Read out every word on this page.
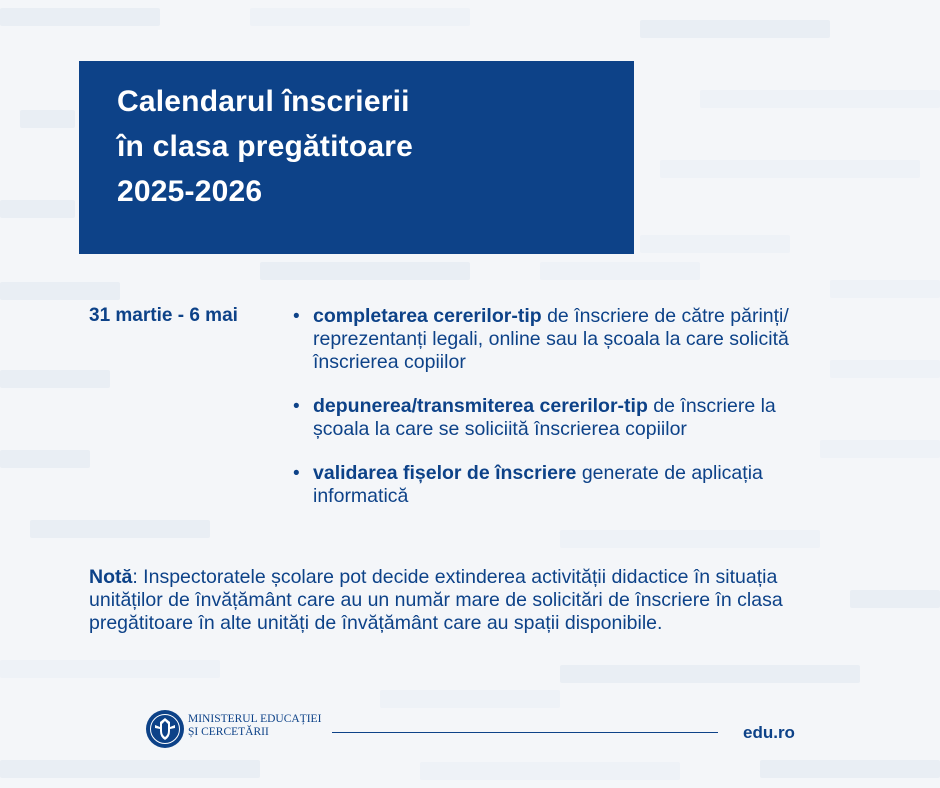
Calendarul înscrierii
în clasa pregătitoare
2025-2026
31 martie - 6 mai	• completarea cererilor-tip de înscriere de către părinți/ reprezentanți legali, online sau la școala la care solicită înscrierea copiilor
• depunerea/transmiterea cererilor-tip de înscriere la școala la care se soliciită înscrierea copiilor
• validarea fișelor de înscriere generate de aplicația informatică
Notă: Inspectoratele școlare pot decide extinderea activității didactice în situația unităților de învățământ care au un număr mare de solicitări de înscriere în clasa pregătitoare în alte unități de învățământ care au spații disponibile.
MINISTERUL EDUCAȚIEI
ȘI CERCETĂRII	edu.ro
